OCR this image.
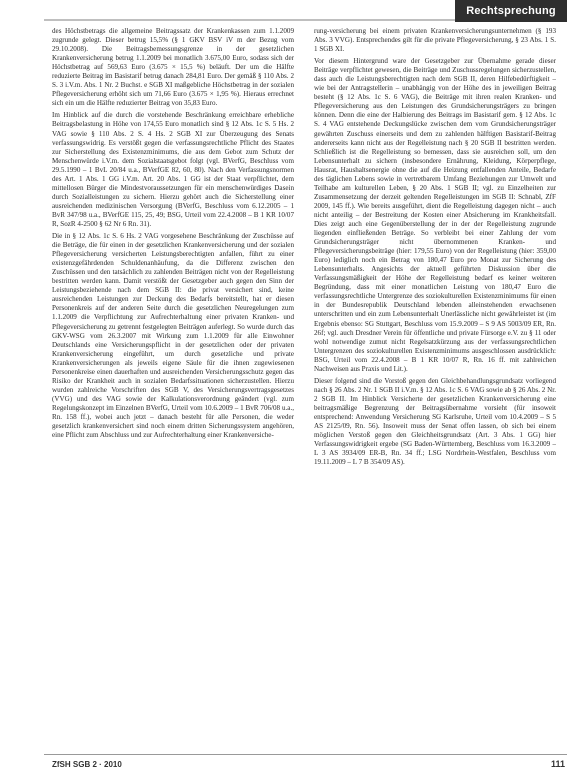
Rechtsprechung

des Höchstbetrags die allgemeine Beitragssatz der Krankenkassen zum 1.1.2009 zugrunde gelegt. Dieser betrug 15,5% (§ 1 GKV BSV iV m der Bezug vom 29.10.2008). Die Beitragsbemessungsgrenze in der gesetzlichen Krankenversicherung betrug 1.1.2009 bei monatlich 3.675,00 Euro, sodass sich der Höchstbetrag auf 569,63 Euro (3.675 × 15,5 %) beläuft. Der um die Hälfte reduzierte Beitrag im Basistarif betrug danach 284,81 Euro. Der gemäß § 110 Abs. 2 S. 3 i.V.m. Abs. 1 Nr. 2 Buchst. e SGB XI maßgebliche Höchstbetrag in der sozialen Pflegeversicherung erhöht sich um 71,66 Euro (3.675 × 1,95 %). Hieraus errechnet sich ein um die Hälfte reduzierter Beitrag von 35,83 Euro.

Im Hinblick auf die durch die vorstehende Beschränkung erreichbare erhebliche Beitragsbelastung in Höhe von 174,55 Euro monatlich sind § 12 Abs. 1c S. 5 Hs. 2 VAG sowie § 110 Abs. 2 S. 4 Hs. 2 SGB XI zur Überzeugung des Senats verfassungswidrig. Es verstößt gegen die verfassungsrechtliche Pflicht des Staates zur Sicherstellung des Existenzminimums, die aus dem Gebot zum Schutz der Menschenwürde i.V.m. dem Sozialstaatsgebot folgt (vgl. BVerfG, Beschluss vom 29.5.1990 – 1 BvL 20/84 u.a., BVerfGE 82, 60, 80). Nach den Verfassungsnormen des Art. 1 Abs. 1 GG i.V.m. Art. 20 Abs. 1 GG ist der Staat verpflichtet, dem mittellosen Bürger die Mindestvoraussetzungen für ein menschenwürdiges Dasein durch Sozialleistungen zu sichern. Hierzu gehört auch die Sicherstellung einer ausreichenden medizinischen Versorgung (BVerfG, Beschluss vom 6.12.2005 – 1 BvR 347/98 u.a., BVerfGE 115, 25, 49; BSG, Urteil vom 22.4.2008 – B 1 KR 10/07 R, SozR 4-2500 § 62 Nr 6 Rn. 31).

Die in § 12 Abs. 1c S. 6 Hs. 2 VAG vorgesehene Beschränkung der Zuschüsse auf die Beträge, die für einen in der gesetzlichen Krankenversicherung und der sozialen Pflegeversicherung versicherten Leistungsberechtigten anfallen, führt zu einer existenzgefährdenden Schuldenanhäufung, da die Differenz zwischen den Zuschüssen und den tatsächlich zu zahlenden Beiträgen nicht von der Regelleistung bestritten werden kann. Damit verstößt der Gesetzgeber auch gegen den Sinn der Leistungsbeziehende nach dem SGB II: die privat versichert sind, keine ausreichenden Leistungen zur Deckung des Bedarfs bereitstellt, hat er diesen Personenkreis auf der anderen Seite durch die gesetzlichen Neuregelungen zum 1.1.2009 die Verpflichtung zur Aufrechterhaltung einer privaten Kranken- und Pflegeversicherung zu getrennt festgelegten Beiträgen auferlegt. So wurde durch das GKV-WSG vom 26.3.2007 mit Wirkung zum 1.1.2009 für alle Einwohner Deutschlands eine Versicherungspflicht in der gesetzlichen oder der privaten Krankenversicherung eingeführt, um durch gesetzliche und private Krankenversicherungen als jeweils eigene Säule für die ihnen zugewiesenen Personenkreise einen dauerhaften und ausreichenden Versicherungsschutz gegen das Risiko der Krankheit auch in sozialen Bedarfssituationen sicherzustellen. Hierzu wurden zahlreiche Vorschriften des SGB V, des Versicherungsvertragsgesetzes (VVG) und des VAG sowie der Kalkulationsverordnung geändert (vgl. zum Regelungskonzept im Einzelnen BVerfG, Urteil vom 10.6.2009 – 1 BvR 706/08 u.a., Rn. 158 ff.), wobei auch jetzt – danach besteht für alle Personen, die weder gesetzlich krankenversichert sind noch einem dritten Sicherungssystem angehören, eine Pflicht zum Abschluss und zur Aufrechterhaltung einer Krankenversiche-

rung-versicherung bei einem privaten Krankenversicherungsunternehmen (§ 193 Abs. 3 VVG). Entsprechendes gilt für die private Pflegeversicherung, § 23 Abs. 1 S. 1 SGB XI.

Vor diesem Hintergrund ware der Gesetzgeber zur Übernahme gerade dieser Beiträge verpflichtet gewesen, die Beiträge und Zuschussregelungen sicherzustellen, dass auch die Leistungsberechtigten nach dem SGB II, deren Hilfebedürftigkeit – wie bei der Antragstellerin – unabhängig von der Höhe des in jeweiligen Beitrag besteht (§ 12 Abs. 1c S. 6 VAG), die Beiträge mit ihren realen Kranken- und Pflegeversicherung aus den Leistungen des Grundsicherungsträgers zu bringen können. Denn die eine der Halbierung des Beitrags im Basistarif gem. § 12 Abs. 1c S. 4 VAG entstehende Deckungslücke zwischen dem vom Grundsicherungsträger gewährten Zuschuss einerseits und dem zu zahlenden hälftigen Basistarif-Beitrag andererseits kann nicht aus der Regelleistung nach § 20 SGB II bestritten werden. Schließlich ist die Regelleistung so bemessen, dass sie ausreichen soll, um den Lebensunterhalt zu sichern (insbesondere Ernährung, Kleidung, Körperpflege, Hausrat, Haushaltsenergie ohne die auf die Heizung entfallenden Anteile, Bedarfe des täglichen Lebens sowie in vertretbarem Umfang Beziehungen zur Umwelt und Teilhabe am kulturellen Leben, § 20 Abs. 1 SGB II; vgl. zu Einzelheiten zur Zusammensetzung der derzeit geltenden Regelleistungen im SGB II: Schnabl, ZfF 2009, 145 ff.). Wie bereits ausgeführt, dient die Regelleistung dagegen nicht – auch nicht anteilig – der Bestreitung der Kosten einer Absicherung im Krankheitsfall. Dies zeigt auch eine Gegenüberstellung der in der der Regelleistung zugrunde liegenden einfließenden Beträge. So verbleibt bei einer Zahlung der vom Grundsicherungsträger nicht übernommenen Kranken- und Pflegeversicherungsbeiträge (hier: 179,55 Euro) von der Regelleistung (hier: 359,00 Euro) lediglich noch ein Betrag von 180,47 Euro pro Monat zur Sicherung des Lebensunterhalts. Angesichts der aktuell geführten Diskussion über die Verfassungsmäßigkeit der Höhe der Regelleistung bedarf es keiner weiteren Begründung, dass mit einer monatlichen Leistung von 180,47 Euro die verfassungsrechtliche Untergrenze des soziokulturellen Existenzminimums für einen in der Bundesrepublik Deutschland lebenden alleinstehenden erwachsenen unterschritten und ein zum Lebensunterhalt Unerlässliche nicht gewährleistet ist (im Ergebnis ebenso: SG Stuttgart, Beschluss vom 15.9.2009 – S 9 AS 5003/09 ER, Rn. 26f; vgl. auch Dresdner Verein für öffentliche und private Fürsorge e.V. zu § 11 oder wohl notwendige zumut nicht Regelsatzkürzung aus der verfassungsrechtlichen Untergrenzen des soziokulturellen Existenzminimums ausgeschlossen ausdrücklich: BSG, Urteil vom 22.4.2008 – B 1 KR 10/07 R, Rn. 16 ff. mit zahlreichen Nachweisen aus Praxis und Lit.).

Dieser folgend sind die Vorstoß gegen den Gleichbehandlungsgrundsatz vorliegend nach § 26 Abs. 2 Nr. 1 SGB II i.V.m. § 12 Abs. 1c S. 6 VAG sowie ab § 26 Abs. 2 Nr. 2 SGB II. Im Hinblick Versicherte der gesetzlichen Krankenversicherung eine beitragsmäßige Begrenzung der Beitragsübernahme vorsieht (für insoweit entsprechend: Anwendung Versicherung SG Karlsruhe, Urteil vom 10.4.2009 – S 5 AS 2125/09, Rn. 56). Insoweit muss der Senat offen lassen, ob sich bei einem möglichen Verstoß gegen den Gleichheitsgrundsatz (Art. 3 Abs. 1 GG) hier Verfassungswidrigkeit ergebe (SG Baden-Württemberg, Beschluss vom 16.3.2009 – L 3 AS 3934/09 ER-B, Rn. 34 ff.; LSG Nordrhein-Westfalen, Beschluss vom 19.11.2009 – L 7 B 354/09 AS).

ZfSH SGB 2 · 2010	111
